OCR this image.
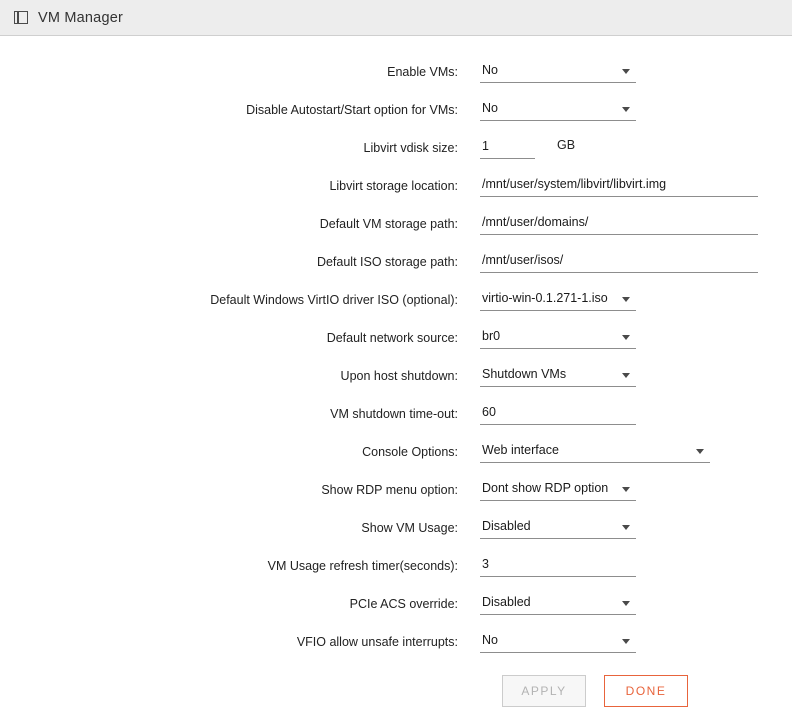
VM Manager
Enable VMs:	No
Disable Autostart/Start option for VMs:	No
Libvirt vdisk size:	1	GB
Libvirt storage location:	/mnt/user/system/libvirt/libvirt.img
Default VM storage path:	/mnt/user/domains/
Default ISO storage path:	/mnt/user/isos/
Default Windows VirtIO driver ISO (optional):	virtio-win-0.1.271-1.iso
Default network source:	br0
Upon host shutdown:	Shutdown VMs
VM shutdown time-out:	60
Console Options:	Web interface
Show RDP menu option:	Dont show RDP option
Show VM Usage:	Disabled
VM Usage refresh timer(seconds):	3
PCIe ACS override:	Disabled
VFIO allow unsafe interrupts:	No
APPLY	DONE
